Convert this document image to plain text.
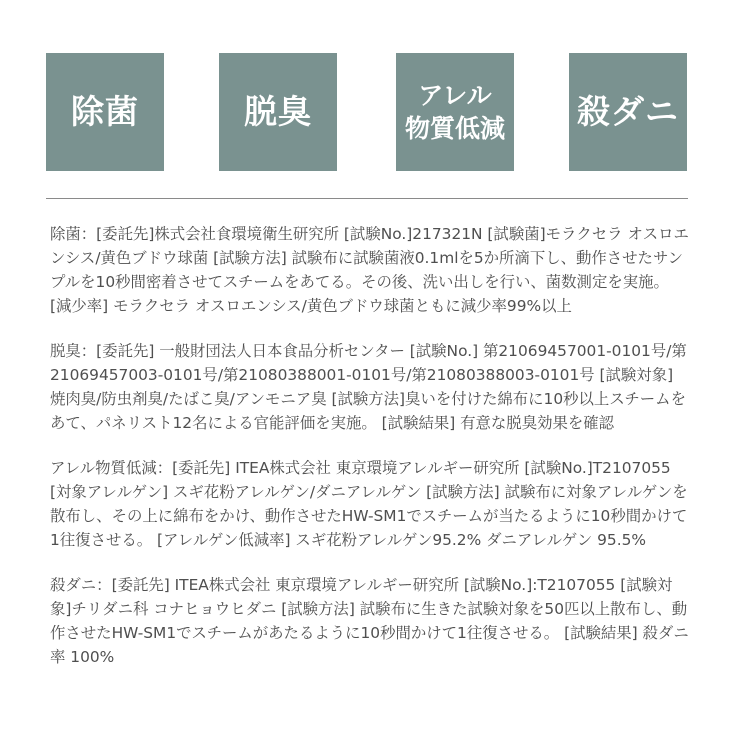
除菌	脱臭	アレル
物質低減 殺ダニ

除菌：[委託先]株式会社食環境衛生研究所 [試験No.]217321N [試験菌]モラクセラ オスロエンシス/黄色ブドウ球菌 [試験方法] 試験布に試験菌液0.1mlを5か所滴下し、動作させたサンプルを10秒間密着させてスチームをあてる。その後、洗い出しを行い、菌数測定を実施。 [減少率] モラクセラ オスロエンシス/黄色ブドウ球菌ともに減少率99%以上

脱臭：[委託先] 一般財団法人日本食品分析センター [試験No.] 第21069457001-0101号/第21069457003-0101号/第21080388001-0101号/第21080388003-0101号 [試験対象] 焼肉臭/防虫剤臭/たばこ臭/アンモニア臭 [試験方法]臭いを付けた綿布に10秒以上スチームをあて、パネリスト12名による官能評価を実施。 [試験結果] 有意な脱臭効果を確認

アレル物質低減：[委託先] ITEA株式会社 東京環境アレルギー研究所 [試験No.]T2107055 [対象アレルゲン] スギ花粉アレルゲン/ダニアレルゲン [試験方法] 試験布に対象アレルゲンを散布し、その上に綿布をかけ、動作させたHW-SM1でスチームが当たるように10秒間かけて1往復させる。 [アレルゲン低減率] スギ花粉アレルゲン95.2% ダニアレルゲン 95.5%

殺ダニ：[委託先] ITEA株式会社 東京環境アレルギー研究所 [試験No.]:T2107055 [試験対象]チリダニ科 コナヒョウヒダニ [試験方法] 試験布に生きた試験対象を50匹以上散布し、動作させたHW-SM1でスチームがあたるように10秒間かけて1往復させる。 [試験結果] 殺ダニ率 100%
